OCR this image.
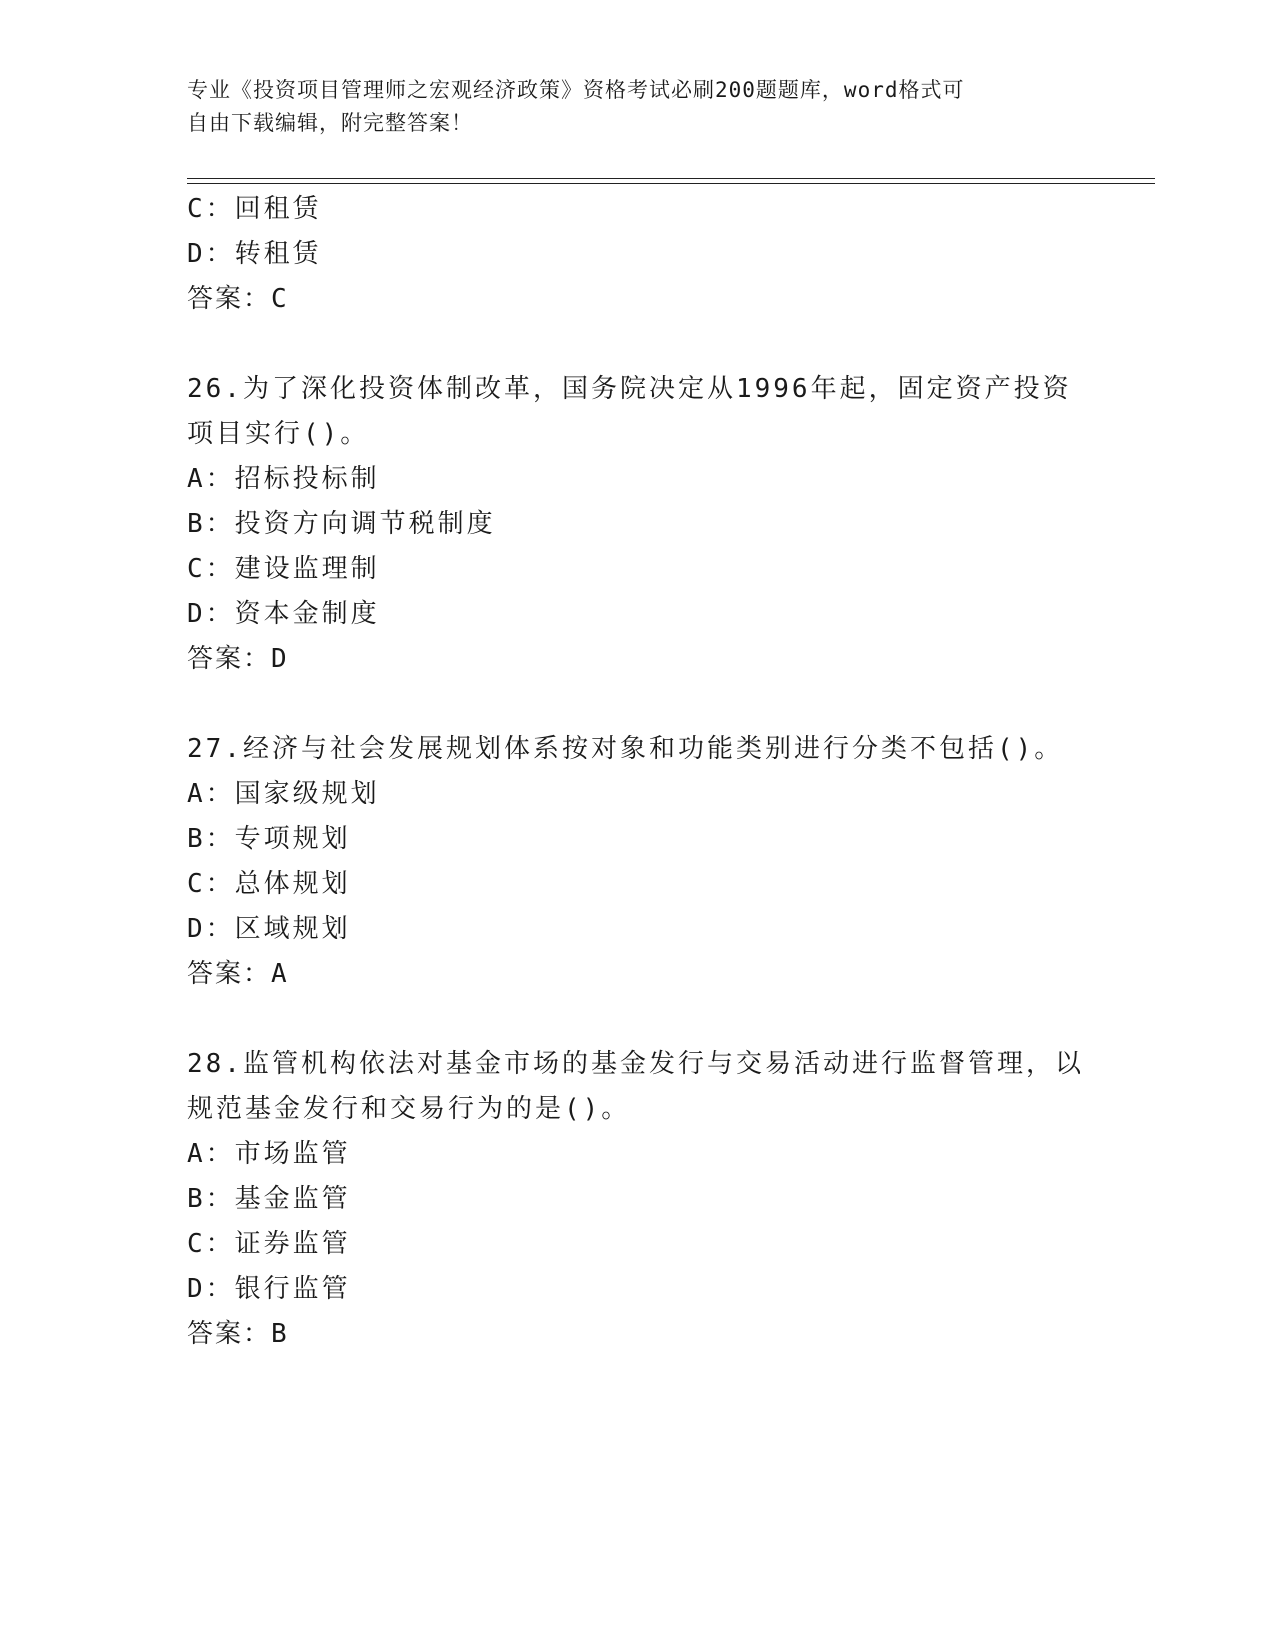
专业《投资项目管理师之宏观经济政策》资格考试必刷200题题库，word格式可
自由下载编辑，附完整答案！
C：回租赁
D：转租赁
答案：C
26.为了深化投资体制改革，国务院决定从1996年起，固定资产投资
项目实行()。
A：招标投标制
B：投资方向调节税制度
C：建设监理制
D：资本金制度
答案：D
27.经济与社会发展规划体系按对象和功能类别进行分类不包括()。
A：国家级规划
B：专项规划
C：总体规划
D：区域规划
答案：A
28.监管机构依法对基金市场的基金发行与交易活动进行监督管理，以
规范基金发行和交易行为的是()。
A：市场监管
B：基金监管
C：证券监管
D：银行监管
答案：B
